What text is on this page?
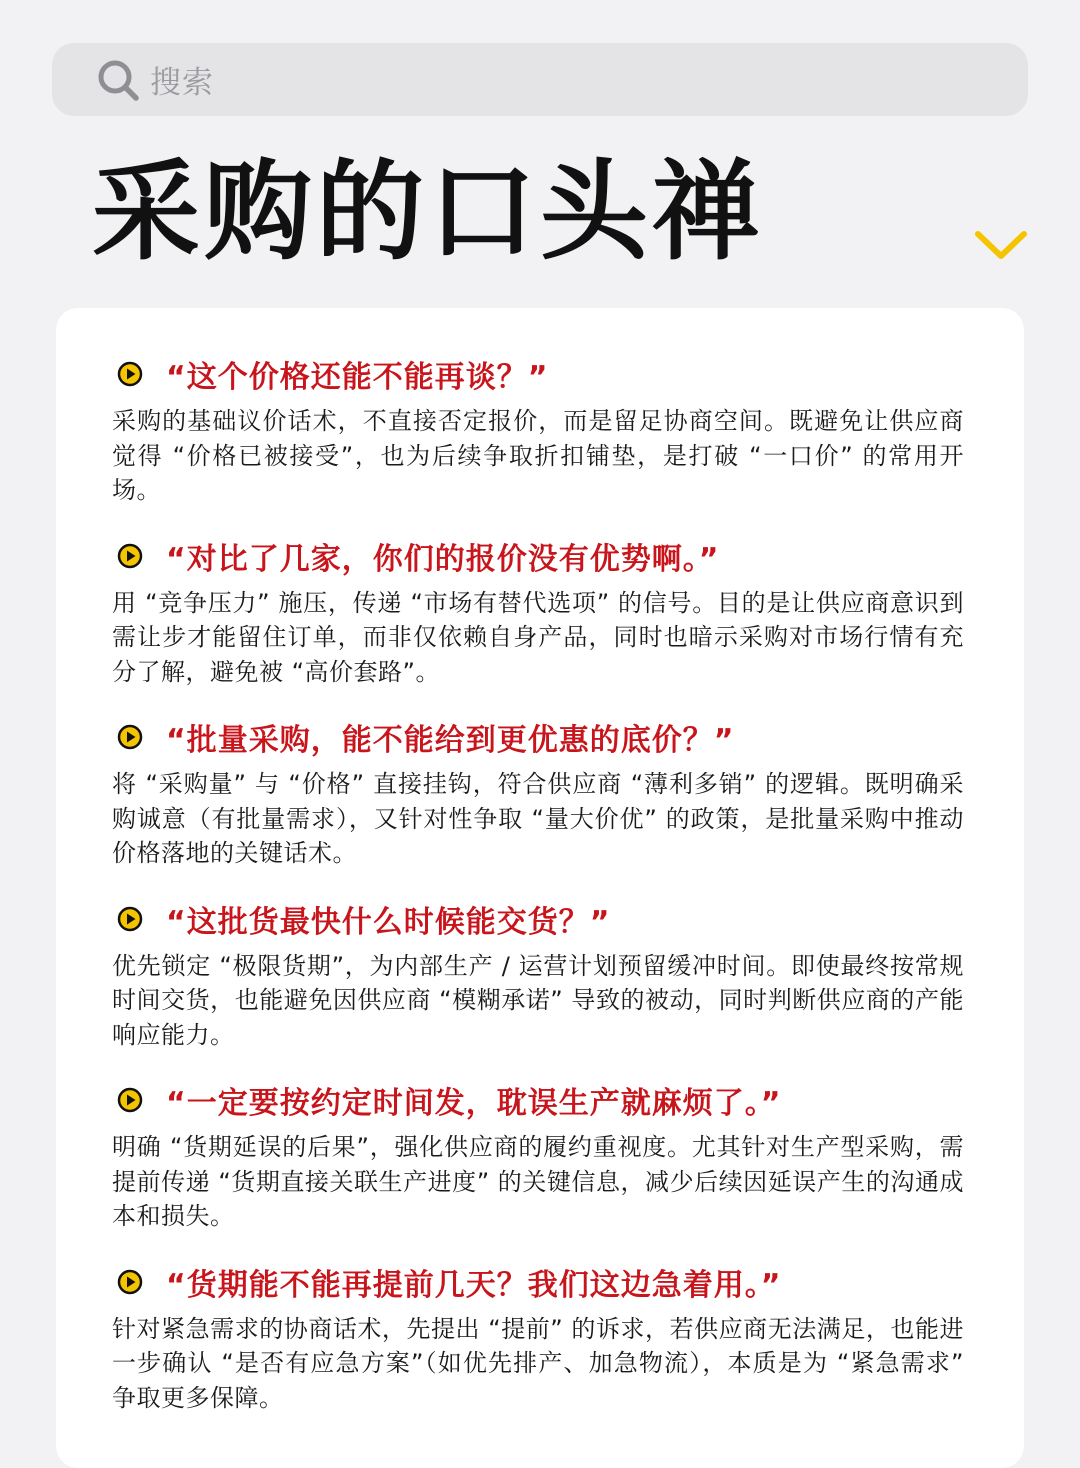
搜索
采购的口头禅
“这个价格还能不能再谈？”

采购的基础议价话术，不直接否定报价，而是留足协商空间。既避免让供应商觉得 “价格已被接受”，也为后续争取折扣铺垫，是打破 “一口价” 的常用开场。

“对比了几家，你们的报价没有优势啊。”

用 “竞争压力” 施压，传递 “市场有替代选项” 的信号。目的是让供应商意识到需让步才能留住订单，而非仅依赖自身产品，同时也暗示采购对市场行情有充分了解，避免被 “高价套路”。

“批量采购，能不能给到更优惠的底价？”

将 “采购量” 与 “价格” 直接挂钩，符合供应商 “薄利多销” 的逻辑。既明确采购诚意（有批量需求），又针对性争取 “量大价优” 的政策，是批量采购中推动价格落地的关键话术。

“这批货最快什么时候能交货？”

优先锁定 “极限货期”，为内部生产 / 运营计划预留缓冲时间。即使最终按常规时间交货，也能避免因供应商 “模糊承诺” 导致的被动，同时判断供应商的产能响应能力。

“一定要按约定时间发，耽误生产就麻烦了。”

明确 “货期延误的后果”，强化供应商的履约重视度。尤其针对生产型采购，需提前传递 “货期直接关联生产进度” 的关键信息，减少后续因延误产生的沟通成本和损失。

“货期能不能再提前几天？我们这边急着用。”

针对紧急需求的协商话术，先提出 “提前” 的诉求，若供应商无法满足，也能进一步确认 “是否有应急方案”（如优先排产、加急物流），本质是为 “紧急需求” 争取更多保障。
